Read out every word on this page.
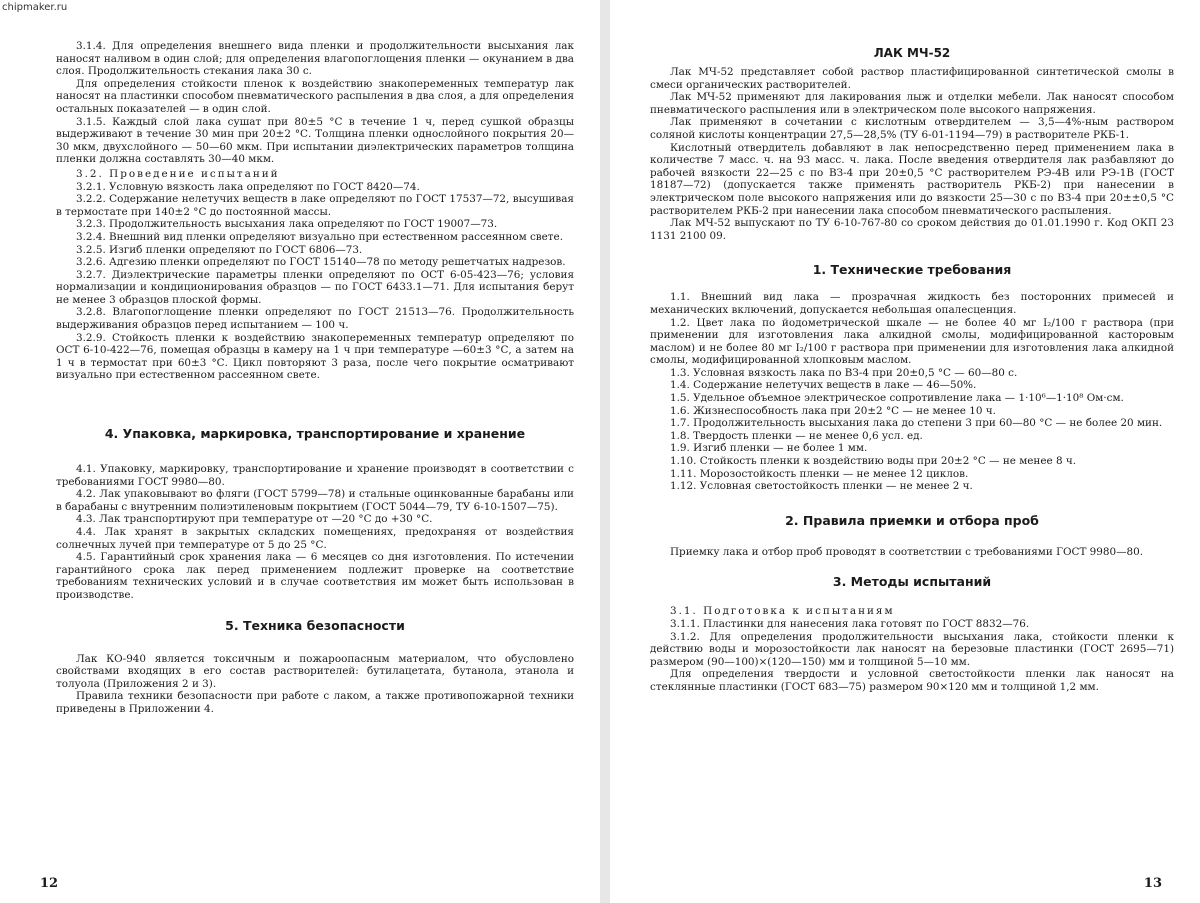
chipmaker.ru

3.1.4. Для определения внешнего вида пленки и продолжительности высыхания лак наносят наливом в один слой; для определения влагопоглощения пленки — окунанием в два слоя. Продолжительность стекания лака 30 с.

Для определения стойкости пленок к воздействию знакопеременных температур лак наносят на пластинки способом пневматического распыления в два слоя, а для определения остальных показателей — в один слой.

3.1.5. Каждый слой лака сушат при 80±5 °С в течение 1 ч, перед сушкой образцы выдерживают в течение 30 мин при 20±2 °С. Толщина пленки однослойного покрытия 20—30 мкм, двухслойного — 50—60 мкм. При испытании диэлектрических параметров толщина пленки должна составлять 30—40 мкм.

3.2. Проведение испытаний

3.2.1. Условную вязкость лака определяют по ГОСТ 8420—74.

3.2.2. Содержание нелетучих веществ в лаке определяют по ГОСТ 17537—72, высушивая в термостате при 140±2 °С до постоянной массы.

3.2.3. Продолжительность высыхания лака определяют по ГОСТ 19007—73.

3.2.4. Внешний вид пленки определяют визуально при естественном рассеянном свете.

3.2.5. Изгиб пленки определяют по ГОСТ 6806—73.

3.2.6. Адгезию пленки определяют по ГОСТ 15140—78 по методу решетчатых надрезов.

3.2.7. Диэлектрические параметры пленки определяют по ОСТ 6-05-423—76; условия нормализации и кондиционирования образцов — по ГОСТ 6433.1—71. Для испытания берут не менее 3 образцов плоской формы.

3.2.8. Влагопоглощение пленки определяют по ГОСТ 21513—76. Продолжительность выдерживания образцов перед испытанием — 100 ч.

3.2.9. Стойкость пленки к воздействию знакопеременных температур определяют по ОСТ 6-10-422—76, помещая образцы в камеру на 1 ч при температуре —60±3 °С, а затем на 1 ч в термостат при 60±3 °С. Цикл повторяют 3 раза, после чего покрытие осматривают визуально при естественном рассеянном свете.

4. Упаковка, маркировка, транспортирование и хранение

4.1. Упаковку, маркировку, транспортирование и хранение производят в соответствии с требованиями ГОСТ 9980—80.

4.2. Лак упаковывают во фляги (ГОСТ 5799—78) и стальные оцинкованные барабаны или в барабаны с внутренним полиэтиленовым покрытием (ГОСТ 5044—79, ТУ 6-10-1507—75).

4.3. Лак транспортируют при температуре от —20 °С до +30 °С.

4.4. Лак хранят в закрытых складских помещениях, предохраняя от воздействия солнечных лучей при температуре от 5 до 25 °С.

4.5. Гарантийный срок хранения лака — 6 месяцев со дня изготовления. По истечении гарантийного срока лак перед применением подлежит проверке на соответствие требованиям технических условий и в случае соответствия им может быть использован в производстве.

5. Техника безопасности

Лак КО-940 является токсичным и пожароопасным материалом, что обусловлено свойствами входящих в его состав растворителей: бутилацетата, бутанола, этанола и толуола (Приложения 2 и 3).

Правила техники безопасности при работе с лаком, а также противопожарной техники приведены в Приложении 4.

12
ЛАК МЧ-52

Лак МЧ-52 представляет собой раствор пластифицированной синтетической смолы в смеси органических растворителей.

Лак МЧ-52 применяют для лакирования лыж и отделки мебели. Лак наносят способом пневматического распыления или в электрическом поле высокого напряжения.

Лак применяют в сочетании с кислотным отвердителем — 3,5—4%-ным раствором соляной кислоты концентрации 27,5—28,5% (ТУ 6-01-1194—79) в растворителе РКБ-1.

Кислотный отвердитель добавляют в лак непосредственно перед применением лака в количестве 7 масс. ч. на 93 масс. ч. лака. После введения отвердителя лак разбавляют до рабочей вязкости 22—25 с по ВЗ-4 при 20±0,5 °С растворителем РЭ-4В или РЭ-1В (ГОСТ 18187—72) (допускается также применять растворитель РКБ-2) при нанесении в электрическом поле высокого напряжения или до вязкости 25—30 с по ВЗ-4 при 20±±0,5 °С растворителем РКБ-2 при нанесении лака способом пневматического распыления.

Лак МЧ-52 выпускают по ТУ 6-10-767-80 со сроком действия до 01.01.1990 г. Код ОКП 23 1131 2100 09.

1. Технические требования

1.1. Внешний вид лака — прозрачная жидкость без посторонних примесей и механических включений, допускается небольшая опалесценция.

1.2. Цвет лака по йодометрической шкале — не более 40 мг I₂/100 г раствора (при применении для изготовления лака алкидной смолы, модифицированной касторовым маслом) и не более 80 мг I₂/100 г раствора при применении для изготовления лака алкидной смолы, модифицированной хлопковым маслом.

1.3. Условная вязкость лака по ВЗ-4 при 20±0,5 °С — 60—80 с.

1.4. Содержание нелетучих веществ в лаке — 46—50%.

1.5. Удельное объемное электрическое сопротивление лака — 1·10⁶—1·10⁸ Ом·см.

1.6. Жизнеспособность лака при 20±2 °С — не менее 10 ч.

1.7. Продолжительность высыхания лака до степени 3 при 60—80 °С — не более 20 мин.

1.8. Твердость пленки — не менее 0,6 усл. ед.

1.9. Изгиб пленки — не более 1 мм.

1.10. Стойкость пленки к воздействию воды при 20±2 °С — не менее 8 ч.

1.11. Морозостойкость пленки — не менее 12 циклов.

1.12. Условная светостойкость пленки — не менее 2 ч.

2. Правила приемки и отбора проб

Приемку лака и отбор проб проводят в соответствии с требованиями ГОСТ 9980—80.

3. Методы испытаний

3.1. Подготовка к испытаниям

3.1.1. Пластинки для нанесения лака готовят по ГОСТ 8832—76.

3.1.2. Для определения продолжительности высыхания лака, стойкости пленки к действию воды и морозостойкости лак наносят на березовые пластинки (ГОСТ 2695—71) размером (90—100)×(120—150) мм и толщиной 5—10 мм.

Для определения твердости и условной светостойкости пленки лак наносят на стеклянные пластинки (ГОСТ 683—75) размером 90×120 мм и толщиной 1,2 мм.

13
